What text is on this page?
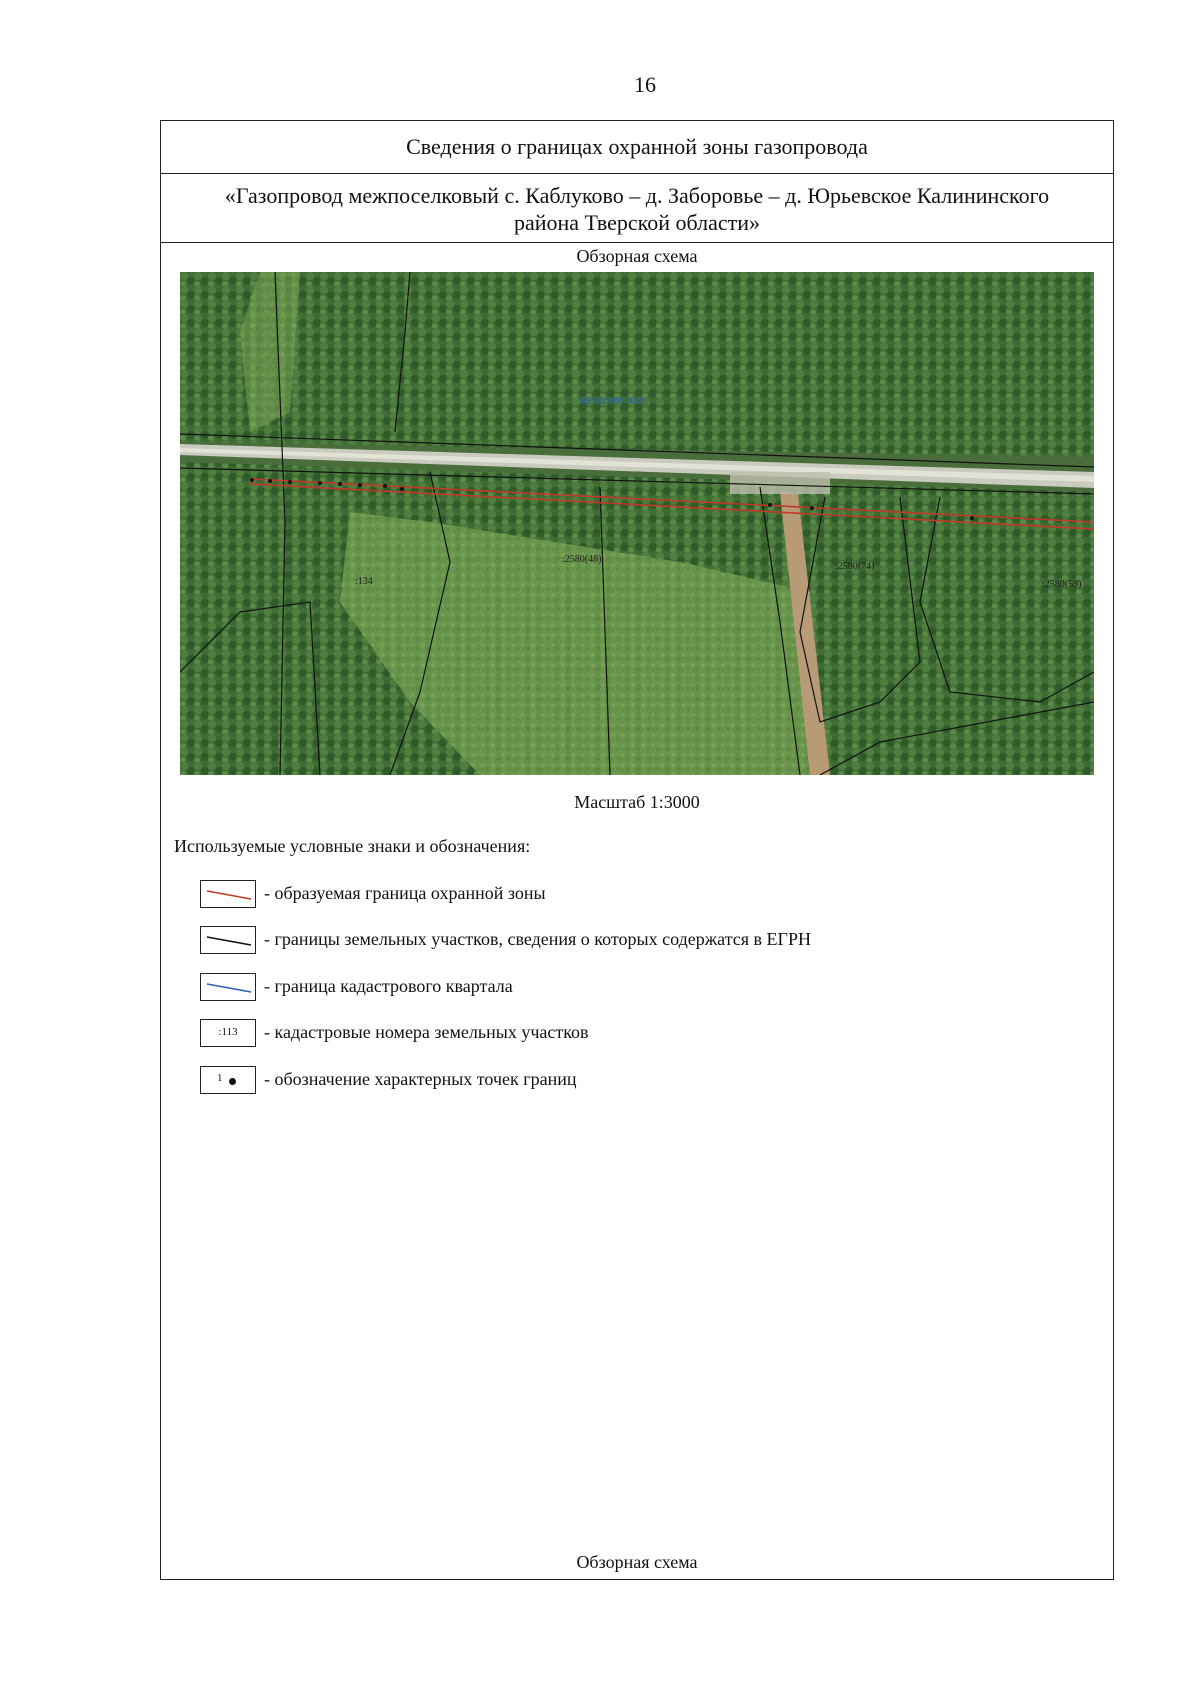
16
Сведения о границах охранной зоны газопровода
«Газопровод межпоселковый с. Каблуково – д. Заборовье – д. Юрьевское Калининского
района Тверской области»
Обзорная схема
69:10:0000028
:134
:2580(48)
:2580(74)
:2580(59)
Масштаб 1:3000
Используемые условные знаки и обозначения:
- образуемая граница охранной зоны
- границы земельных участков, сведения о которых содержатся в ЕГРН
- граница кадастрового квартала
:113	- кадастровые номера земельных участков
1 - обозначение характерных точек границ
Обзорная схема
